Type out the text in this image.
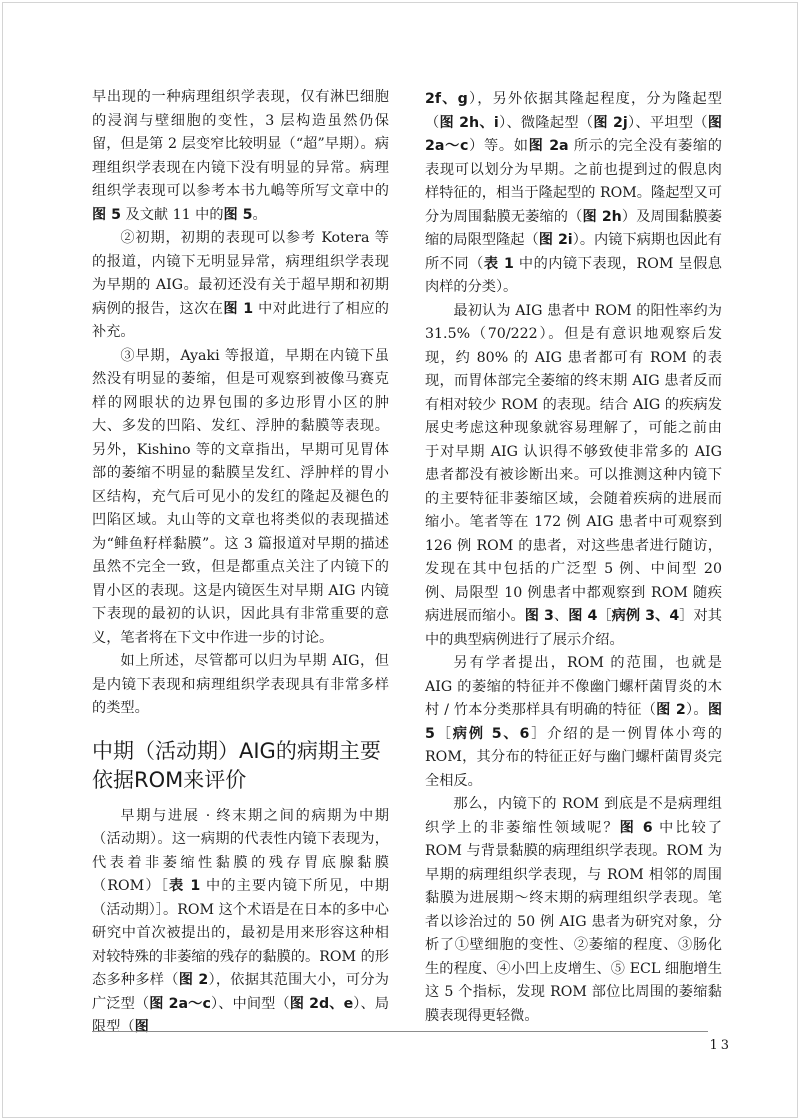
早出现的一种病理组织学表现，仅有淋巴细胞的浸润与壁细胞的变性，3 层构造虽然仍保留，但是第 2 层变窄比较明显（“超”早期）。病理组织学表现在内镜下没有明显的异常。病理组织学表现可以参考本书九嶋等所写文章中的图 5 及文献 11 中的图 5。

②初期，初期的表现可以参考 Kotera 等的报道，内镜下无明显异常，病理组织学表现为早期的 AIG。最初还没有关于超早期和初期病例的报告，这次在图 1 中对此进行了相应的补充。

③早期，Ayaki 等报道，早期在内镜下虽然没有明显的萎缩，但是可观察到被像马赛克样的网眼状的边界包围的多边形胃小区的肿大、多发的凹陷、发红、浮肿的黏膜等表现。另外，Kishino 等的文章指出，早期可见胃体部的萎缩不明显的黏膜呈发红、浮肿样的胃小区结构，充气后可见小的发红的隆起及褪色的凹陷区域。丸山等的文章也将类似的表现描述为“鲱鱼籽样黏膜”。这 3 篇报道对早期的描述虽然不完全一致，但是都重点关注了内镜下的胃小区的表现。这是内镜医生对早期 AIG 内镜下表现的最初的认识，因此具有非常重要的意义，笔者将在下文中作进一步的讨论。

如上所述，尽管都可以归为早期 AIG，但是内镜下表现和病理组织学表现具有非常多样的类型。

中期（活动期）AIG的病期主要依据ROM来评价

早期与进展 · 终末期之间的病期为中期（活动期）。这一病期的代表性内镜下表现为，代表着非萎缩性黏膜的残存胃底腺黏膜（ROM）［表 1 中的主要内镜下所见，中期（活动期）］。ROM 这个术语是在日本的多中心研究中首次被提出的，最初是用来形容这种相对较特殊的非萎缩的残存的黏膜的。ROM 的形态多种多样（图 2），依据其范围大小，可分为广泛型（图 2a～c）、中间型（图 2d、e）、局限型（图

2f、g），另外依据其隆起程度，分为隆起型（图 2h、i）、微隆起型（图 2j）、平坦型（图 2a～c）等。如图 2a 所示的完全没有萎缩的表现可以划分为早期。之前也提到过的假息肉样特征的，相当于隆起型的 ROM。隆起型又可分为周围黏膜无萎缩的（图 2h）及周围黏膜萎缩的局限型隆起（图 2i）。内镜下病期也因此有所不同（表 1 中的内镜下表现，ROM 呈假息肉样的分类）。

最初认为 AIG 患者中 ROM 的阳性率约为 31.5%（70/222）。但是有意识地观察后发现，约 80% 的 AIG 患者都可有 ROM 的表现，而胃体部完全萎缩的终末期 AIG 患者反而有相对较少 ROM 的表现。结合 AIG 的疾病发展史考虑这种现象就容易理解了，可能之前由于对早期 AIG 认识得不够致使非常多的 AIG 患者都没有被诊断出来。可以推测这种内镜下的主要特征非萎缩区域，会随着疾病的进展而缩小。笔者等在 172 例 AIG 患者中可观察到 126 例 ROM 的患者，对这些患者进行随访，发现在其中包括的广泛型 5 例、中间型 20 例、局限型 10 例患者中都观察到 ROM 随疾病进展而缩小。图 3、图 4［病例 3、4］对其中的典型病例进行了展示介绍。

另有学者提出，ROM 的范围，也就是 AIG 的萎缩的特征并不像幽门螺杆菌胃炎的木村 / 竹本分类那样具有明确的特征（图 2）。图 5［病例 5、6］介绍的是一例胃体小弯的 ROM，其分布的特征正好与幽门螺杆菌胃炎完全相反。

那么，内镜下的 ROM 到底是不是病理组织学上的非萎缩性领域呢？图 6 中比较了 ROM 与背景黏膜的病理组织学表现。ROM 为早期的病理组织学表现，与 ROM 相邻的周围黏膜为进展期～终末期的病理组织学表现。笔者以诊治过的 50 例 AIG 患者为研究对象，分析了①壁细胞的变性、②萎缩的程度、③肠化生的程度、④小凹上皮增生、⑤ ECL 细胞增生这 5 个指标，发现 ROM 部位比周围的萎缩黏膜表现得更轻微。

13
